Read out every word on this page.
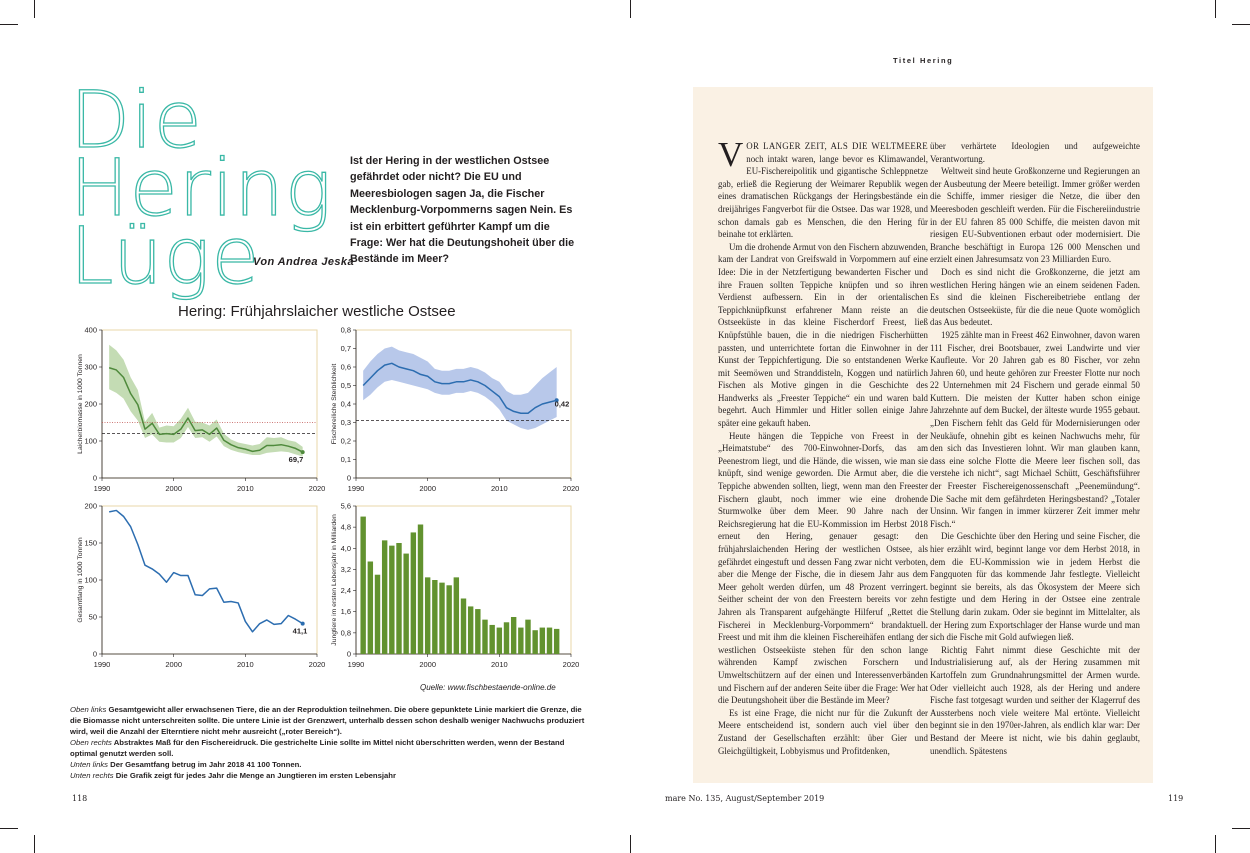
Die
Hering
Lüge
Ist der Hering in der westlichen Ostsee gefährdet oder nicht? Die EU und Meeresbiologen sagen Ja, die Fischer Mecklenburg-Vorpommerns sagen Nein. Es ist ein erbittert geführter Kampf um die Frage: Wer hat die Deutungshoheit über die Bestände im Meer?
Von Andrea Jeska
Hering: Frühjahrslaicher westliche Ostsee
0
100
200
300
400
1990	2000	2010	2020
Laicherbiomasse in 1000 Tonnen
69,7
0
0,1
0,2
0,3
0,4
0,5
0,6
0,7
0,8
1990	2000	2010	2020
Fischereiliche Sterblichkeit	0,42
0
50
100
150
200
1990	2000	2010	2020
Gesamtfang in 1000 Tonnen
41,1
0
0,8
1,6
2,4
3,2
4,0
4,8
5,6
1990	2000	2010	2020
Jungtiere im ersten Lebensjahr in Milliarden
Quelle: www.fischbestaende-online.de
Oben links Gesamtgewicht aller erwachsenen Tiere, die an der Reproduktion teilnehmen. Die obere gepunktete Linie markiert die Grenze, die die Biomasse nicht unterschreiten sollte. Die untere Linie ist der Grenzwert, unterhalb dessen schon deshalb weniger Nachwuchs produziert wird, weil die Anzahl der Elterntiere nicht mehr ausreicht („roter Bereich“).
Oben rechts Abstraktes Maß für den Fischereidruck. Die gestrichelte Linie sollte im Mittel nicht überschritten werden, wenn der Bestand optimal genutzt werden soll.
Unten links Der Gesamtfang betrug im Jahr 2018 41 100 Tonnen.
Unten rechts Die Grafik zeigt für jedes Jahr die Menge an Jungtieren im ersten Lebensjahr
118
Titel Hering

VOR LANGER ZEIT, ALS DIE WELTMEERE noch intakt waren, lange bevor es Klimawandel, EU-Fischereipolitik und gigantische Schleppnetze gab, erließ die Regierung der Weimarer Republik wegen eines dramatischen Rückgangs der Heringsbestände ein dreijähriges Fangverbot für die Ostsee. Das war 1928, und schon damals gab es Menschen, die den Hering für beinahe tot erklärten.

Um die drohende Armut von den Fischern abzuwenden, kam der Landrat von Greifswald in Vorpommern auf eine Idee: Die in der Netzfertigung bewanderten Fischer und ihre Frauen sollten Teppiche knüpfen und so ihren Verdienst aufbessern. Ein in der orientalischen Teppichknüpfkunst erfahrener Mann reiste an die Ostseeküste in das kleine Fischerdorf Freest, ließ Knüpfstühle bauen, die in die niedrigen Fischerhütten passten, und unterrichtete fortan die Einwohner in der Kunst der Teppichfertigung. Die so entstandenen Werke mit Seemöwen und Stranddisteln, Koggen und natürlich Fischen als Motive gingen in die Geschichte des Handwerks als „Freester Teppiche“ ein und waren bald begehrt. Auch Himmler und Hitler sollen einige Jahre später eine gekauft haben.

Heute hängen die Teppiche von Freest in der „Heimatstube“ des 700-Einwohner-Dorfs, das am Peenestrom liegt, und die Hände, die wissen, wie man sie knüpft, sind wenige geworden. Die Armut aber, die die Teppiche abwenden sollten, liegt, wenn man den Freester Fischern glaubt, noch immer wie eine drohende Sturmwolke über dem Meer. 90 Jahre nach der Reichsregierung hat die EU-Kommission im Herbst 2018 erneut den Hering, genauer gesagt: den frühjahrslaichenden Hering der westlichen Ostsee, als gefährdet eingestuft und dessen Fang zwar nicht verboten, aber die Menge der Fische, die in diesem Jahr aus dem Meer geholt werden dürfen, um 48 Prozent verringert. Seither scheint der von den Freestern bereits vor zehn Jahren als Transparent aufgehängte Hilferuf „Rettet die Fischerei in Mecklenburg-Vorpommern“ brandaktuell. Freest und mit ihm die kleinen Fischereihäfen entlang der westlichen Ostseeküste stehen für den schon lange währenden Kampf zwischen Forschern und Umweltschützern auf der einen und Interessenverbänden und Fischern auf der anderen Seite über die Frage: Wer hat die Deutungshoheit über die Bestände im Meer?

Es ist eine Frage, die nicht nur für die Zukunft der Meere entscheidend ist, sondern auch viel über den Zustand der Gesellschaften erzählt: über Gier und Gleichgültigkeit, Lobbyismus und Profitdenken,

über verhärtete Ideologien und aufgeweichte Verantwortung.

Weltweit sind heute Großkonzerne und Regierungen an der Ausbeutung der Meere beteiligt. Immer größer werden die Schiffe, immer riesiger die Netze, die über den Meeresboden geschleift werden. Für die Fischereiindustrie in der EU fahren 85 000 Schiffe, die meisten davon mit riesigen EU-Subventionen erbaut oder modernisiert. Die Branche beschäftigt in Europa 126 000 Menschen und erzielt einen Jahresumsatz von 23 Milliarden Euro.

Doch es sind nicht die Großkonzerne, die jetzt am westlichen Hering hängen wie an einem seidenen Faden. Es sind die kleinen Fischereibetriebe entlang der deutschen Ostseeküste, für die die neue Quote womöglich das Aus bedeutet.

1925 zählte man in Freest 462 Einwohner, davon waren 111 Fischer, drei Bootsbauer, zwei Landwirte und vier Kaufleute. Vor 20 Jahren gab es 80 Fischer, vor zehn Jahren 60, und heute gehören zur Freester Flotte nur noch 22 Unternehmen mit 24 Fischern und gerade einmal 50 Kuttern. Die meisten der Kutter haben schon einige Jahrzehnte auf dem Buckel, der älteste wurde 1955 gebaut. „Den Fischern fehlt das Geld für Modernisierungen oder Neukäufe, ohnehin gibt es keinen Nachwuchs mehr, für den sich das Investieren lohnt. Wir man glauben kann, dass eine solche Flotte die Meere leer fischen soll, das verstehe ich nicht“, sagt Michael Schütt, Geschäftsführer der Freester Fischereigenossenschaft „Peenemündung“. Die Sache mit dem gefährdeten Heringsbestand? „Totaler Unsinn. Wir fangen in immer kürzerer Zeit immer mehr Fisch.“

Die Geschichte über den Hering und seine Fischer, die hier erzählt wird, beginnt lange vor dem Herbst 2018, in dem die EU-Kommission wie in jedem Herbst die Fangquoten für das kommende Jahr festlegte. Vielleicht beginnt sie bereits, als das Ökosystem der Meere sich festigte und dem Hering in der Ostsee eine zentrale Stellung darin zukam. Oder sie beginnt im Mittelalter, als der Hering zum Exportschlager der Hanse wurde und man sich die Fische mit Gold aufwiegen ließ.

Richtig Fahrt nimmt diese Geschichte mit der Industrialisierung auf, als der Hering zusammen mit Kartoffeln zum Grundnahrungsmittel der Armen wurde. Oder vielleicht auch 1928, als der Hering und andere Fische fast totgesagt wurden und seither der Klagerruf des Aussterbens noch viele weitere Mal ertönte. Vielleicht beginnt sie in den 1970er-Jahren, als endlich klar war: Der Bestand der Meere ist nicht, wie bis dahin geglaubt, unendlich. Spätestens

mare No. 135, August/September 2019	119
